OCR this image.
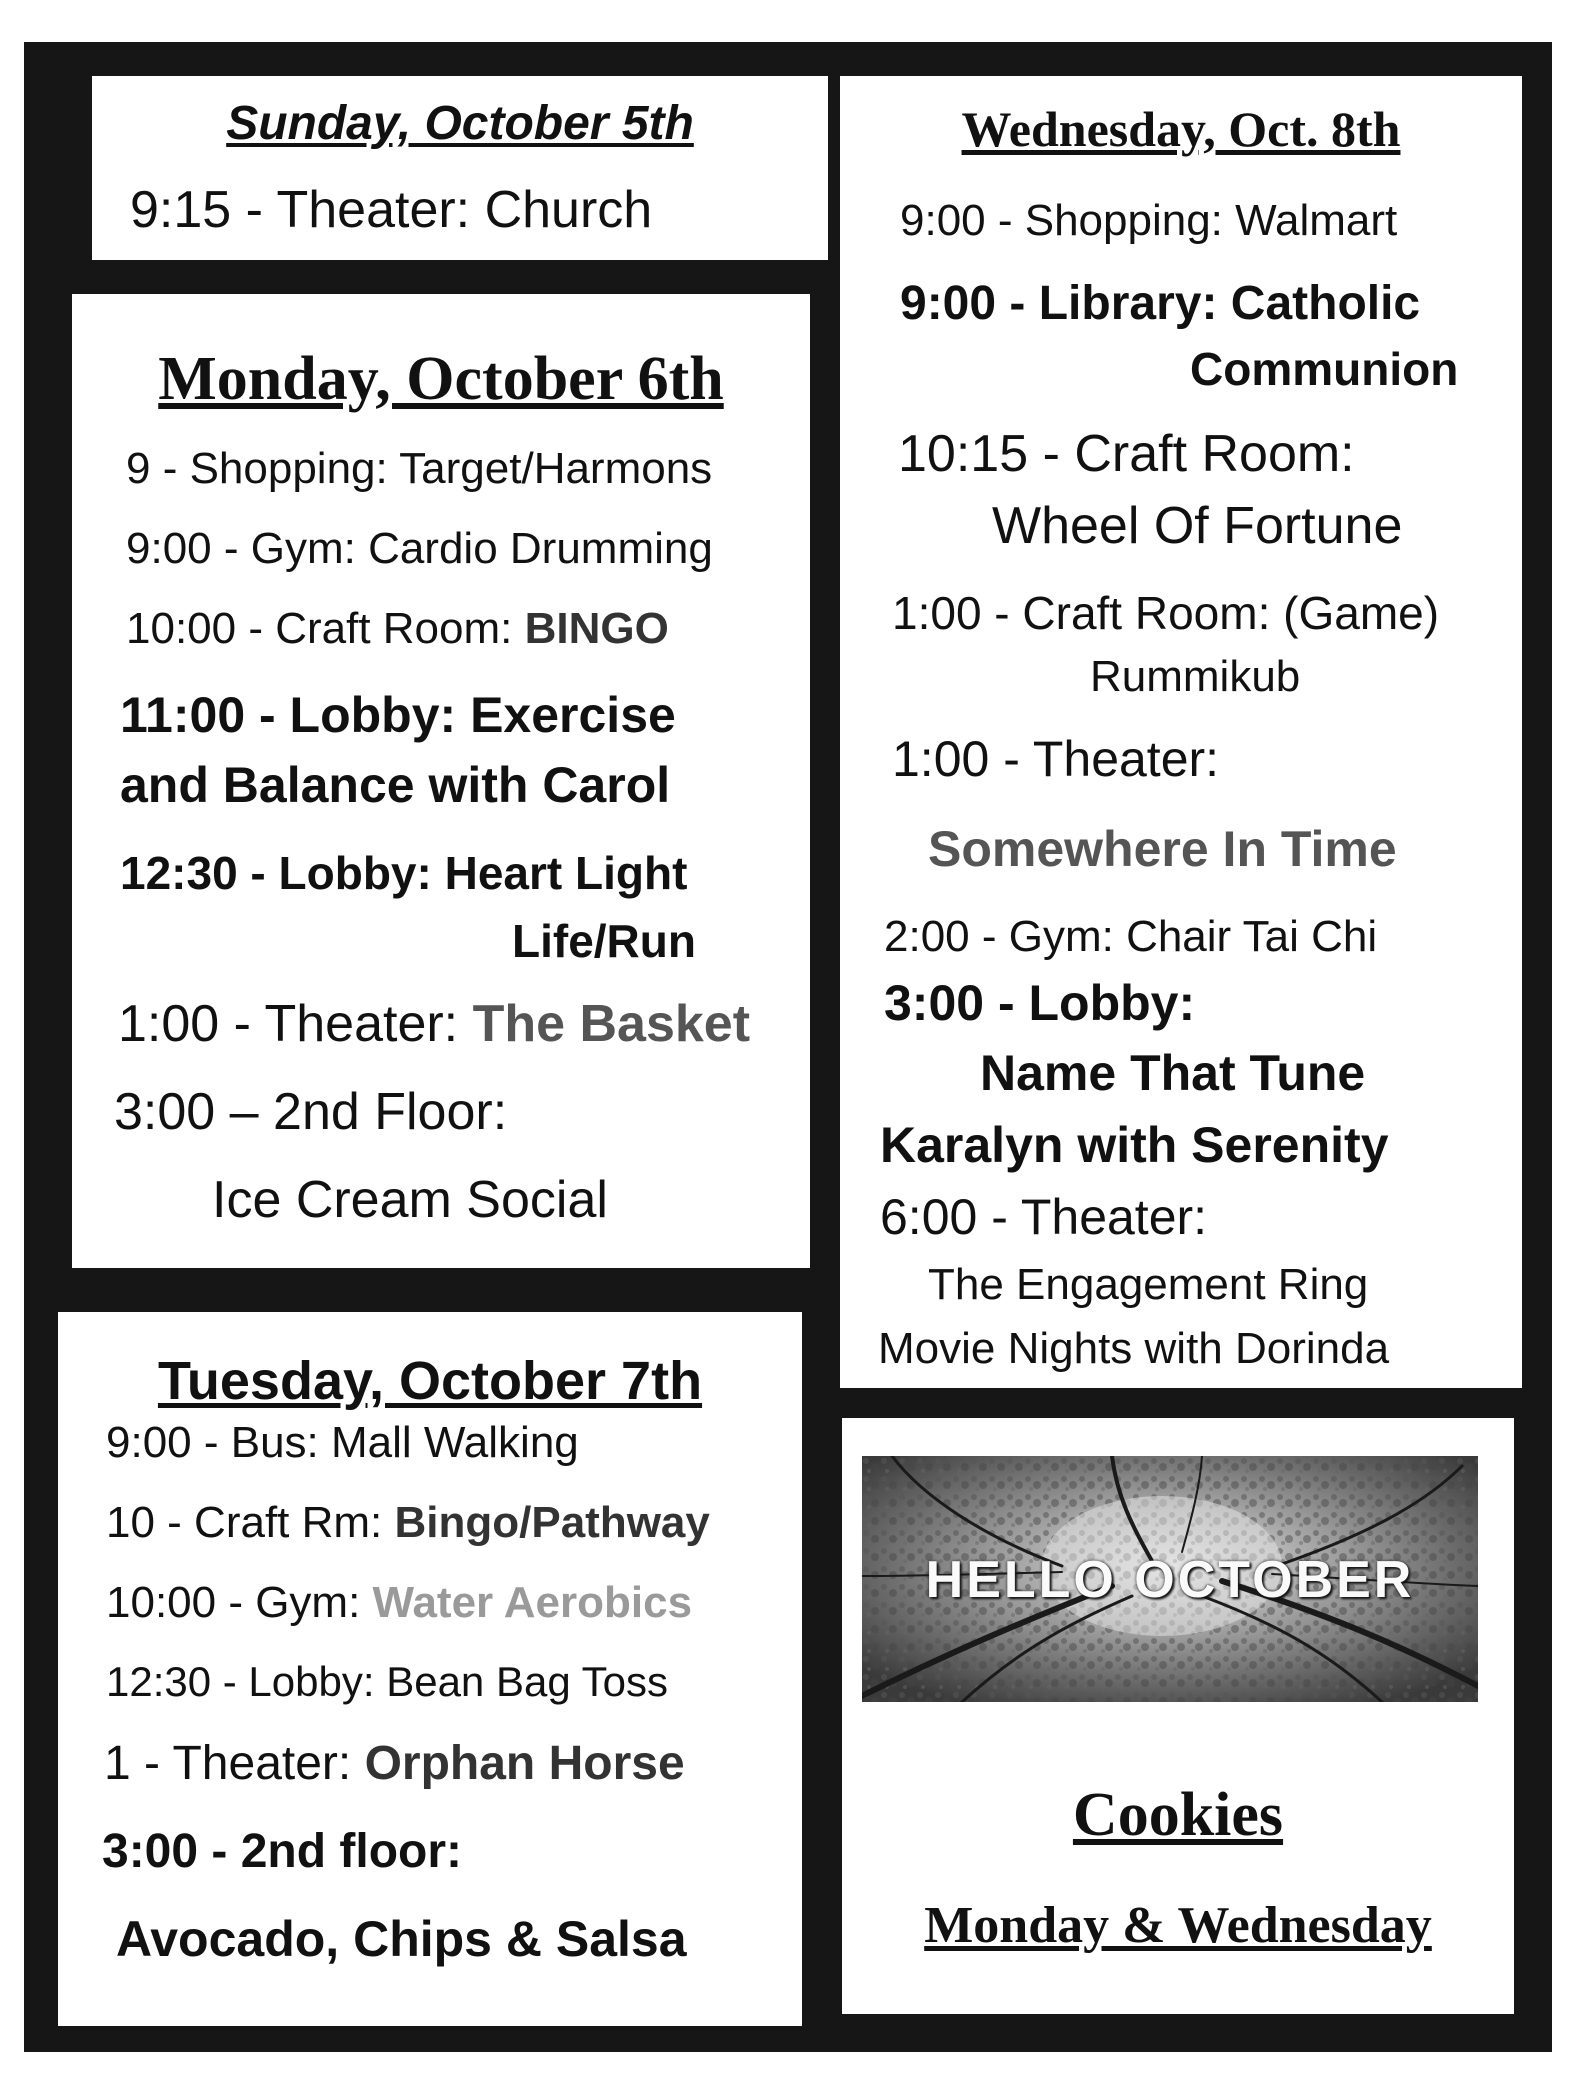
Sunday, October 5th
9:15 - Theater: Church
Monday, October 6th
9 - Shopping: Target/Harmons
9:00 - Gym: Cardio Drumming
10:00 - Craft Room: BINGO
11:00 - Lobby: Exercise
and Balance with Carol
12:30 - Lobby: Heart Light
Life/Run
1:00 - Theater: The Basket
3:00 – 2nd Floor:
Ice Cream Social
Tuesday, October 7th
9:00 - Bus: Mall Walking
10 - Craft Rm: Bingo/Pathway
10:00 - Gym: Water Aerobics
12:30 - Lobby: Bean Bag Toss
1 - Theater: Orphan Horse
3:00 - 2nd floor:
Avocado, Chips & Salsa
Wednesday, Oct. 8th
9:00 - Shopping: Walmart
9:00 - Library: Catholic
Communion
10:15 - Craft Room:
Wheel Of Fortune
1:00 - Craft Room: (Game)
Rummikub
1:00 - Theater:
Somewhere In Time
2:00 - Gym: Chair Tai Chi
3:00 - Lobby:
Name That Tune
Karalyn with Serenity
6:00 - Theater:
The Engagement Ring
Movie Nights with Dorinda
HELLO OCTOBER
Cookies
Monday & Wednesday
